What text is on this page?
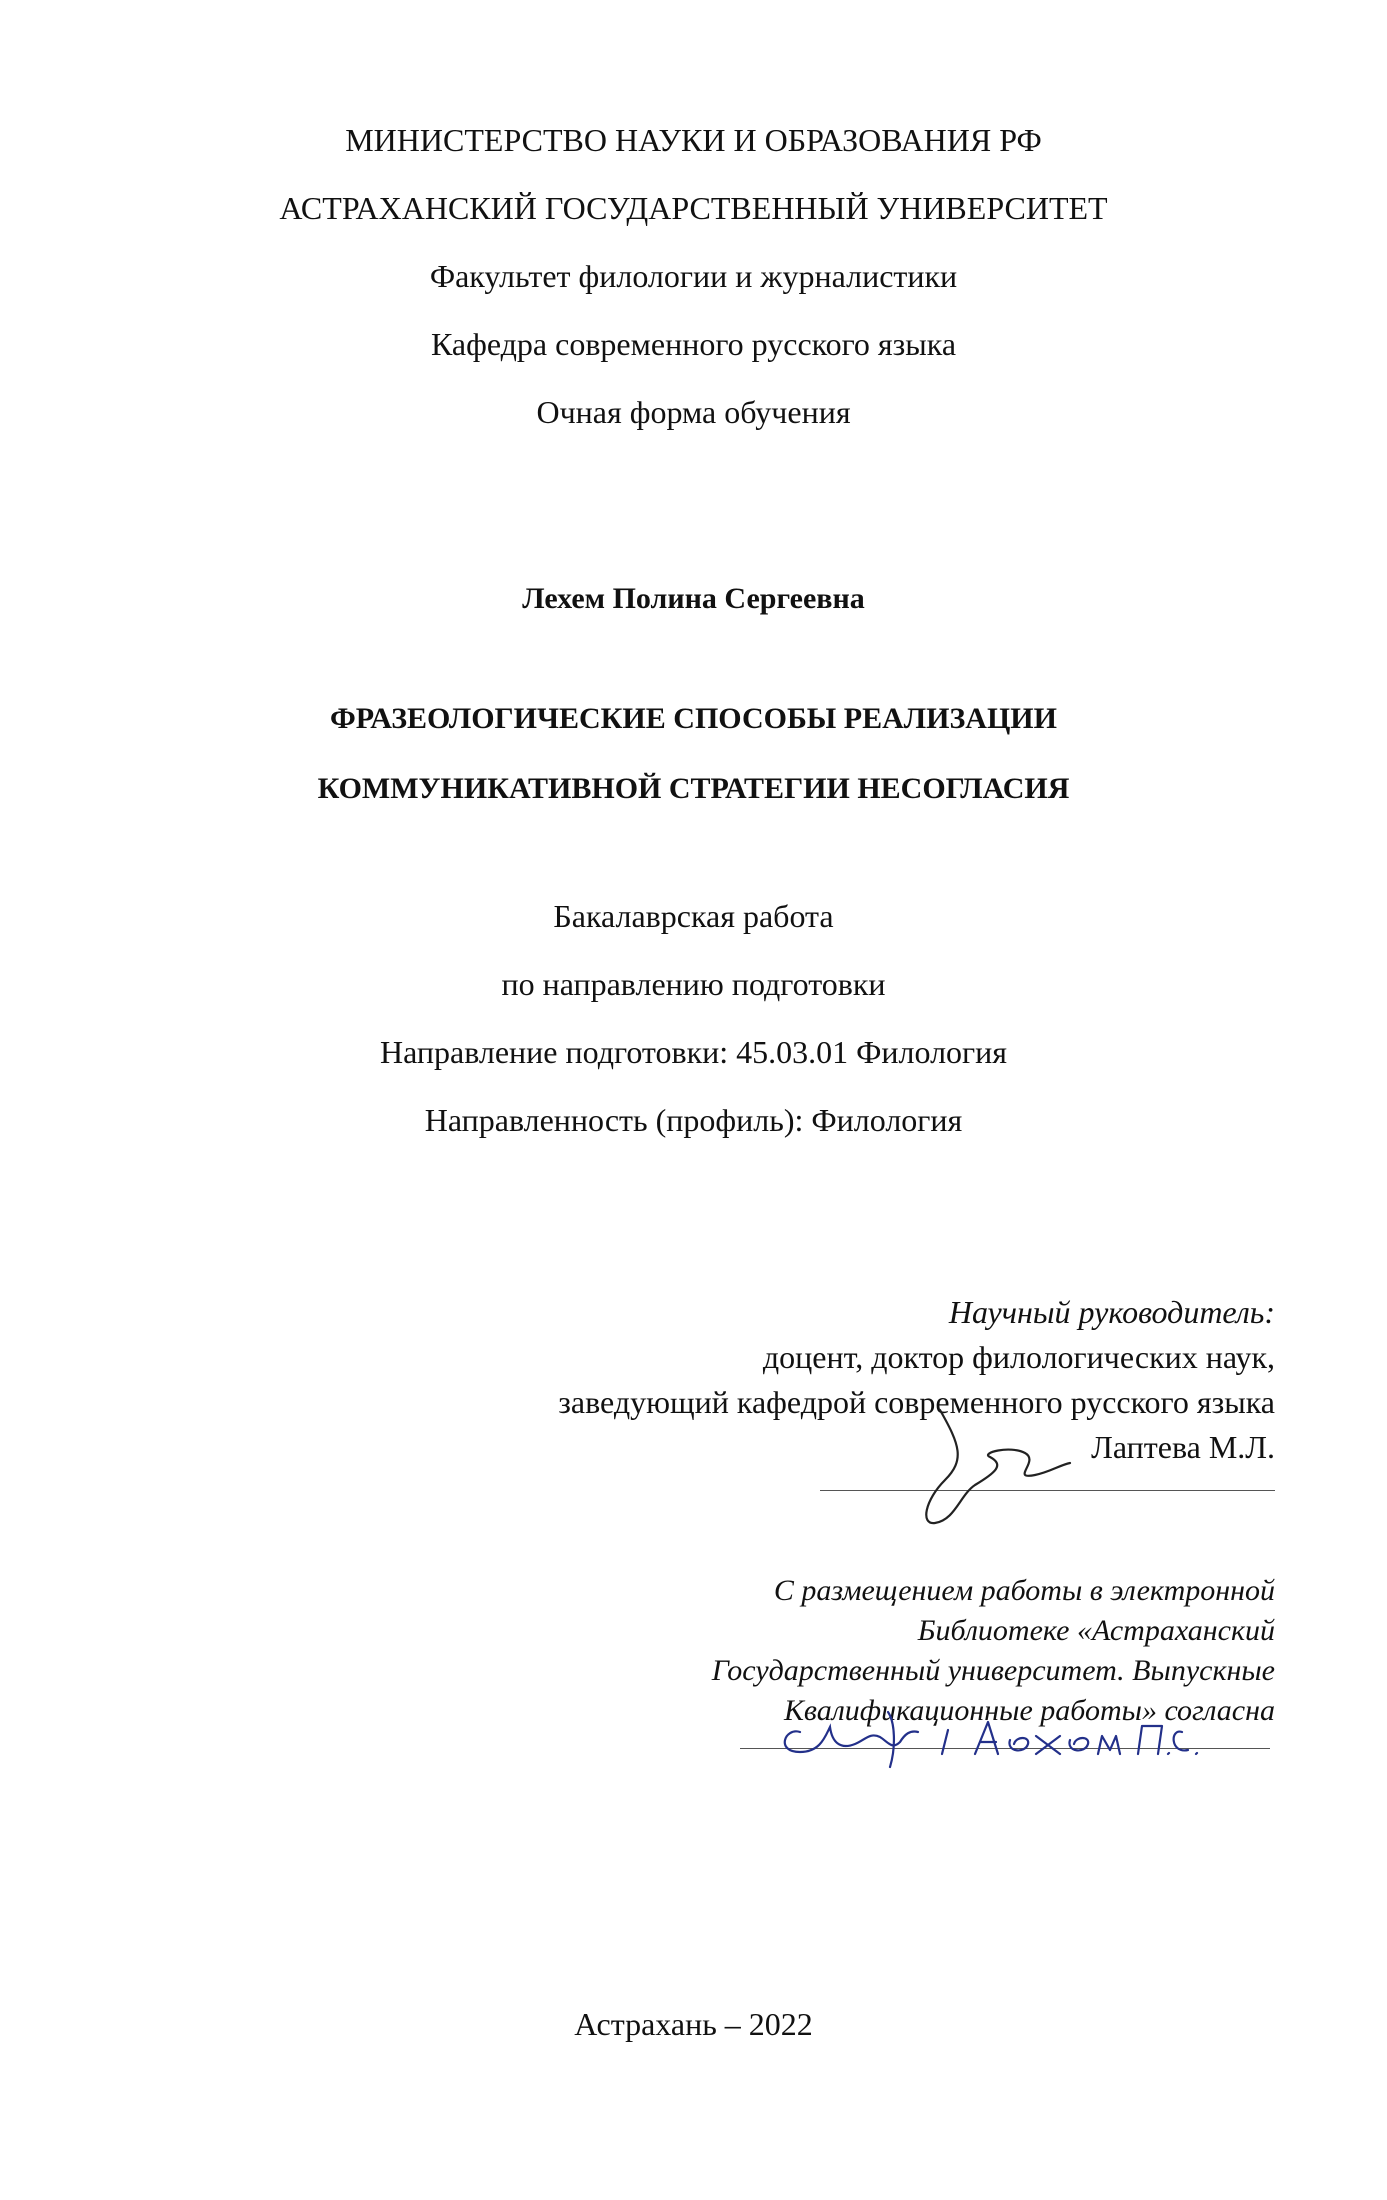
МИНИСТЕРСТВО НАУКИ И ОБРАЗОВАНИЯ РФ
АСТРАХАНСКИЙ ГОСУДАРСТВЕННЫЙ УНИВЕРСИТЕТ
Факультет филологии и журналистики
Кафедра современного русского языка
Очная форма обучения
Лехем Полина Сергеевна
ФРАЗЕОЛОГИЧЕСКИЕ СПОСОБЫ РЕАЛИЗАЦИИ
КОММУНИКАТИВНОЙ СТРАТЕГИИ НЕСОГЛАСИЯ
Бакалаврская работа
по направлению подготовки
Направление подготовки: 45.03.01 Филология
Направленность (профиль): Филология
Научный руководитель:
доцент, доктор филологических наук,
заведующий кафедрой современного русского языка
Лаптева М.Л.
С размещением работы в электронной
Библиотеке «Астраханский
Государственный университет. Выпускные
Квалификационные работы» согласна
Астрахань – 2022
